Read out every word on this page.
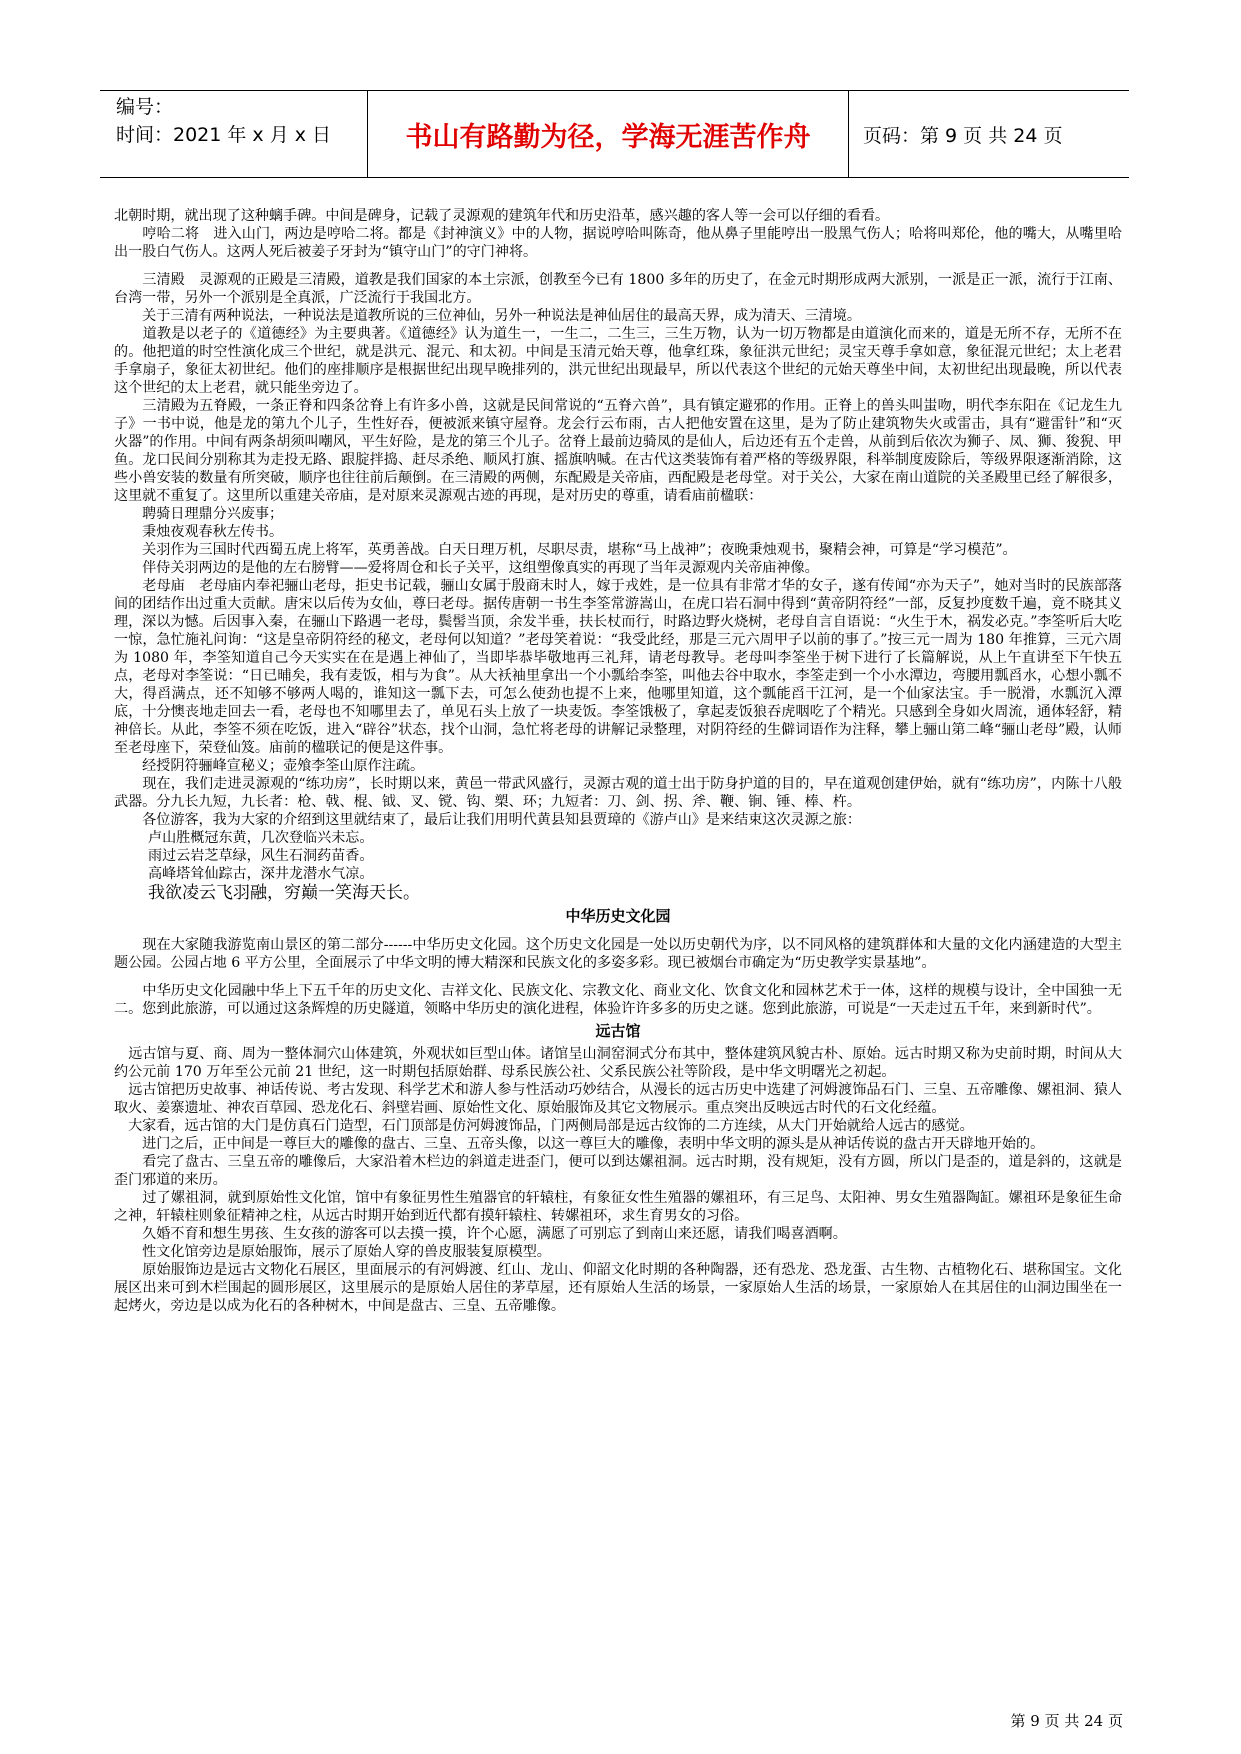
编号：
时间：2021 年 x 月 x 日	书山有路勤为径，学海无涯苦作舟	页码：第 9 页 共 24 页

北朝时期，就出现了这种螭手碑。中间是碑身，记载了灵源观的建筑年代和历史沿革，感兴趣的客人等一会可以仔细的看看。

　　哼哈二将　进入山门，两边是哼哈二将。都是《封神演义》中的人物，据说哼哈叫陈奇，他从鼻子里能哼出一股黑气伤人；哈将叫郑伦，他的嘴大，从嘴里哈出一股白气伤人。这两人死后被姜子牙封为“镇守山门”的守门神将。

　　三清殿　灵源观的正殿是三清殿，道教是我们国家的本土宗派，创教至今已有 1800 多年的历史了，在金元时期形成两大派别，一派是正一派，流行于江南、台湾一带，另外一个派别是全真派，广泛流行于我国北方。

　　关于三清有两种说法，一种说法是道教所说的三位神仙，另外一种说法是神仙居住的最高天界，成为清天、三清境。

　　道教是以老子的《道德经》为主要典著。《道德经》认为道生一，一生二，二生三，三生万物，认为一切万物都是由道演化而来的，道是无所不存，无所不在的。他把道的时空性演化成三个世纪，就是洪元、混元、和太初。中间是玉清元始天尊，他拿红珠，象征洪元世纪；灵宝天尊手拿如意，象征混元世纪；太上老君手拿扇子，象征太初世纪。他们的座排顺序是根据世纪出现早晚排列的，洪元世纪出现最早，所以代表这个世纪的元始天尊坐中间，太初世纪出现最晚，所以代表这个世纪的太上老君，就只能坐旁边了。

　　三清殿为五脊殿，一条正脊和四条岔脊上有许多小兽，这就是民间常说的“五脊六兽”，具有镇定避邪的作用。正脊上的兽头叫蚩吻，明代李东阳在《记龙生九子》一书中说，他是龙的第九个儿子，生性好吞，便被派来镇守屋脊。龙会行云布雨，古人把他安置在这里，是为了防止建筑物失火或雷击，具有“避雷针”和“灭火器”的作用。中间有两条胡须叫嘲风，平生好险，是龙的第三个儿子。岔脊上最前边骑凤的是仙人，后边还有五个走兽，从前到后依次为狮子、凤、狮、狻猊、甲鱼。龙口民间分别称其为走投无路、跟腚拌捣、赶尽杀绝、顺风打旗、摇旗呐喊。在古代这类装饰有着严格的等级界限，科举制度废除后，等级界限逐渐消除，这些小兽安装的数量有所突破，顺序也往往前后颠倒。在三清殿的两侧，东配殿是关帝庙，西配殿是老母堂。对于关公，大家在南山道院的关圣殿里已经了解很多，这里就不重复了。这里所以重建关帝庙，是对原来灵源观古迹的再现，是对历史的尊重，请看庙前楹联：

　　聘骑日理鼎分兴废事；

　　秉烛夜观春秋左传书。

　　关羽作为三国时代西蜀五虎上将军，英勇善战。白天日理万机，尽职尽责，堪称“马上战神”；夜晚秉烛观书，聚精会神，可算是“学习模范”。

　　伴侍关羽两边的是他的左右膀臂——爱将周仓和长子关平，这组塑像真实的再现了当年灵源观内关帝庙神像。

　　老母庙　老母庙内奉祀骊山老母，拒史书记载，骊山女属于殷商末时人，嫁于戎姓，是一位具有非常才华的女子，遂有传闻“亦为天子”，她对当时的民族部落间的团结作出过重大贡献。唐宋以后传为女仙，尊曰老母。据传唐朝一书生李筌常游嵩山，在虎口岩石洞中得到“黄帝阴符经”一部，反复抄度数千遍，竟不晓其义理，深以为憾。后因事入秦，在骊山下路遇一老母，鬓髻当顶，余发半垂，扶长杖而行，时路边野火烧树，老母自言自语说：“火生于木，祸发必克。”李筌听后大吃一惊，急忙施礼问询：“这是皇帝阴符经的秘文，老母何以知道？”老母笑着说：“我受此经，那是三元六周甲子以前的事了。”按三元一周为 180 年推算，三元六周为 1080 年，李筌知道自己今天实实在在是遇上神仙了，当即毕恭毕敬地再三礼拜，请老母教导。老母叫李筌坐于树下进行了长篇解说，从上午直讲至下午快五点，老母对李筌说：“日已晡矣，我有麦饭，相与为食”。从大袄袖里拿出一个小瓢给李筌，叫他去谷中取水，李筌走到一个小水潭边，弯腰用瓢舀水，心想小瓢不大，得舀满点，还不知够不够两人喝的，谁知这一瓢下去，可怎么使劲也提不上来，他哪里知道，这个瓢能舀干江河，是一个仙家法宝。手一脱滑，水瓢沉入潭底，十分懊丧地走回去一看，老母也不知哪里去了，单见石头上放了一块麦饭。李筌饿极了，拿起麦饭狼吞虎咽吃了个精光。只感到全身如火周流，通体轻舒，精神倍长。从此，李筌不须在吃饭，进入“辟谷”状态，找个山洞，急忙将老母的讲解记录整理，对阴符经的生僻词语作为注释，攀上骊山第二峰“骊山老母”殿，认师至老母座下，荣登仙笈。庙前的楹联记的便是这件事。

　　经授阴符骊峰宣秘义；壶飧李筌山原作注疏。

　　现在，我们走进灵源观的“练功房”，长时期以来，黄邑一带武风盛行，灵源古观的道士出于防身护道的目的，早在道观创建伊始，就有“练功房”，内陈十八般武器。分九长九短，九长者：枪、戟、棍、钺、叉、镋、钩、槊、环；九短者：刀、剑、拐、斧、鞭、锏、锤、棒、杵。

　　各位游客，我为大家的介绍到这里就结束了，最后让我们用明代黄县知县贾璋的《游卢山》是来结束这次灵源之旅：

卢山胜概冠东黄，几次登临兴未忘。

雨过云岩芝草绿，风生石洞药苗香。

高峰塔耸仙踪古，深井龙潜水气凉。

我欲凌云飞羽融，穷巅一笑海天长。

中华历史文化园

　　现在大家随我游览南山景区的第二部分------中华历史文化园。这个历史文化园是一处以历史朝代为序，以不同风格的建筑群体和大量的文化内涵建造的大型主题公园。公园占地 6 平方公里，全面展示了中华文明的博大精深和民族文化的多姿多彩。现已被烟台市确定为“历史教学实景基地”。

　　中华历史文化园融中华上下五千年的历史文化、吉祥文化、民族文化、宗教文化、商业文化、饮食文化和园林艺术于一体，这样的规模与设计，全中国独一无二。您到此旅游，可以通过这条辉煌的历史隧道，领略中华历史的演化进程，体验许许多多的历史之谜。您到此旅游，可说是“一天走过五千年，来到新时代”。

远古馆

　远古馆与夏、商、周为一整体洞穴山体建筑，外观状如巨型山体。诸馆呈山洞窑洞式分布其中，整体建筑风貌古朴、原始。远古时期又称为史前时期，时间从大约公元前 170 万年至公元前 21 世纪，这一时期包括原始群、母系民族公社、父系民族公社等阶段，是中华文明曙光之初起。

　远古馆把历史故事、神话传说、考古发现、科学艺术和游人参与性活动巧妙结合，从漫长的远古历史中选建了河姆渡饰品石门、三皇、五帝雕像、嫘祖洞、猿人取火、姜寨遗址、神农百草园、恐龙化石、斜壁岩画、原始性文化、原始服饰及其它文物展示。重点突出反映远古时代的石文化经蕴。

　大家看，远古馆的大门是仿真石门造型，石门顶部是仿河姆渡饰品，门两侧局部是远古纹饰的二方连续，从大门开始就给人远古的感觉。

　　进门之后，正中间是一尊巨大的雕像的盘古、三皇、五帝头像，以这一尊巨大的雕像，表明中华文明的源头是从神话传说的盘古开天辟地开始的。

　　看完了盘古、三皇五帝的雕像后，大家沿着木栏边的斜道走进歪门，便可以到达嫘祖洞。远古时期，没有规矩，没有方圆，所以门是歪的，道是斜的，这就是歪门邪道的来历。

　　过了嫘祖洞，就到原始性文化馆，馆中有象征男性生殖器官的轩辕柱，有象征女性生殖器的嫘祖环，有三足鸟、太阳神、男女生殖器陶缸。嫘祖环是象征生命之神，轩辕柱则象征精神之柱，从远古时期开始到近代都有摸轩辕柱、转嫘祖环，求生育男女的习俗。

　　久婚不育和想生男孩、生女孩的游客可以去摸一摸，许个心愿，满愿了可别忘了到南山来还愿，请我们喝喜酒啊。

　　性文化馆旁边是原始服饰，展示了原始人穿的兽皮服装复原模型。

　　原始服饰边是远古文物化石展区，里面展示的有河姆渡、红山、龙山、仰韶文化时期的各种陶器，还有恐龙、恐龙蛋、古生物、古植物化石、堪称国宝。文化展区出来可到木栏围起的圆形展区，这里展示的是原始人居住的茅草屋，还有原始人生活的场景，一家原始人生活的场景，一家原始人在其居住的山洞边围坐在一起烤火，旁边是以成为化石的各种树木，中间是盘古、三皇、五帝雕像。

第 9 页 共 24 页
